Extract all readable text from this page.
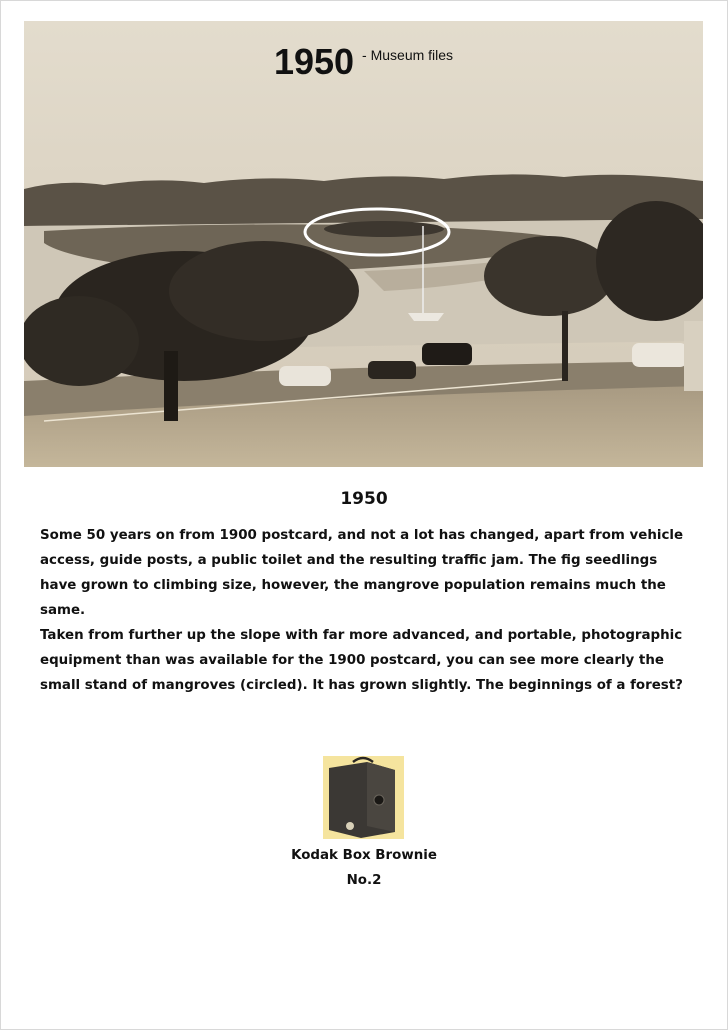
1950 - Museum files
1950

Some 50 years on from 1900 postcard, and not a lot has changed, apart from vehicle access, guide posts, a public toilet and the resulting traffic jam. The fig seedlings have grown to climbing size, however, the mangrove population remains much the same.

Taken from further up the slope with far more advanced, and portable, photographic equipment than was available for the 1900 postcard, you can see more clearly the small stand of mangroves (circled). It has grown slightly. The beginnings of a forest?

Kodak Box Brownie
No.2
